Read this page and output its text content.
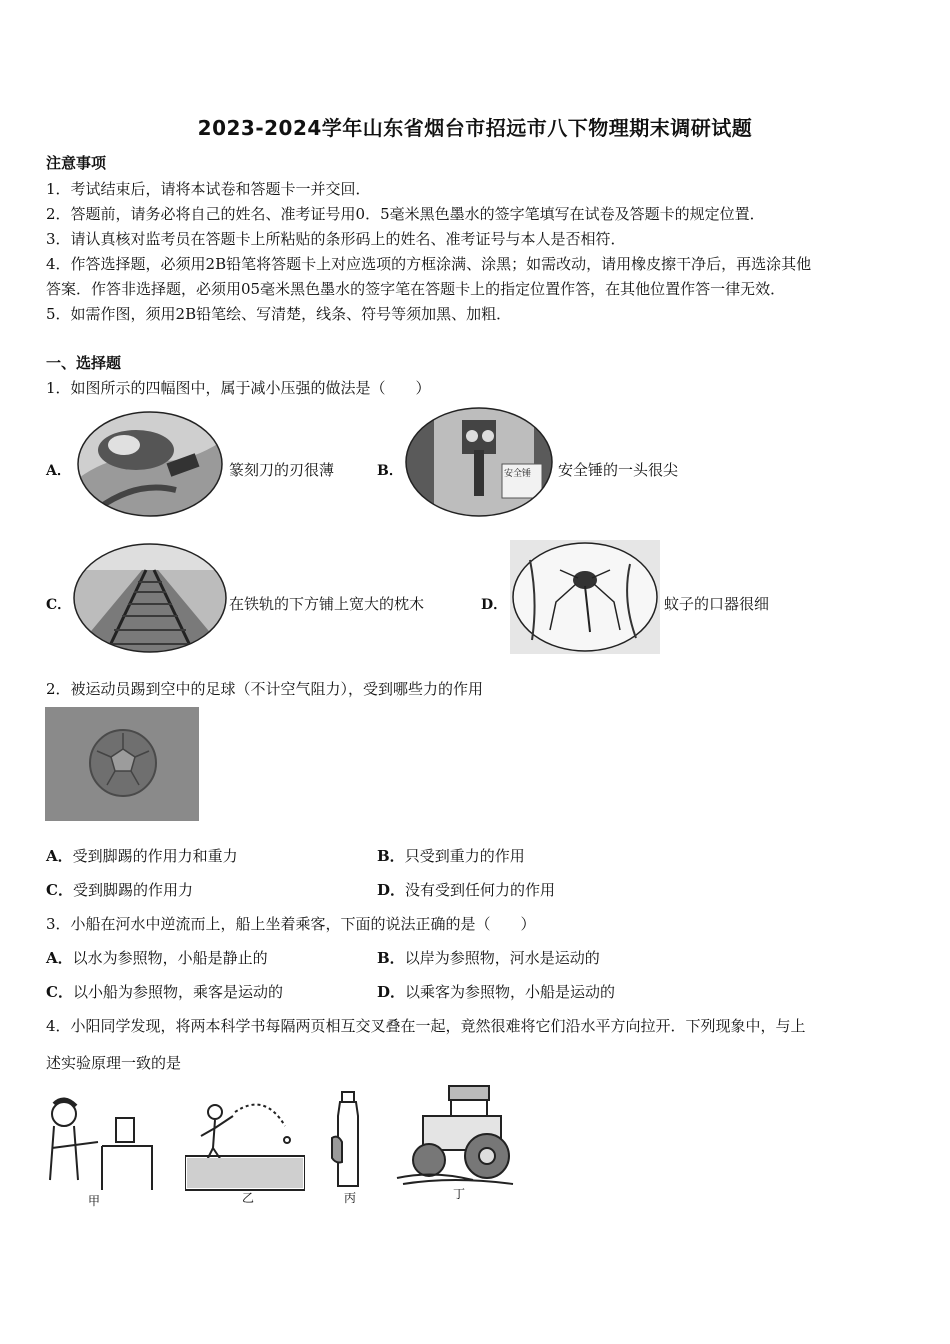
2023-2024学年山东省烟台市招远市八下物理期末调研试题
注意事项
1．考试结束后，请将本试卷和答题卡一并交回．
2．答题前，请务必将自己的姓名、准考证号用0．5毫米黑色墨水的签字笔填写在试卷及答题卡的规定位置．
3．请认真核对监考员在答题卡上所粘贴的条形码上的姓名、准考证号与本人是否相符．
4．作答选择题，必须用2B铅笔将答题卡上对应选项的方框涂满、涂黑；如需改动，请用橡皮擦干净后，再选涂其他
答案．作答非选择题，必须用05毫米黑色墨水的签字笔在答题卡上的指定位置作答，在其他位置作答一律无效．
5．如需作图，须用2B铅笔绘、写清楚，线条、符号等须加黑、加粗．
一、选择题
1．如图所示的四幅图中，属于减小压强的做法是（　　）
A．	篆刻刀的刃很薄	B．	安全锤 安全锤的一头很尖
C．	在铁轨的下方铺上宽大的枕木	D．	蚊子的口器很细
2．被运动员踢到空中的足球（不计空气阻力），受到哪些力的作用
A．受到脚踢的作用力和重力	B．只受到重力的作用
C．受到脚踢的作用力	D．没有受到任何力的作用
3．小船在河水中逆流而上，船上坐着乘客，下面的说法正确的是（　　）
A．以水为参照物，小船是静止的	B．以岸为参照物，河水是运动的
C．以小船为参照物，乘客是运动的	D．以乘客为参照物，小船是运动的
4．小阳同学发现，将两本科学书每隔两页相互交叉叠在一起，竟然很难将它们沿水平方向拉开．下列现象中，与上
述实验原理一致的是
甲	乙	丙	丁
